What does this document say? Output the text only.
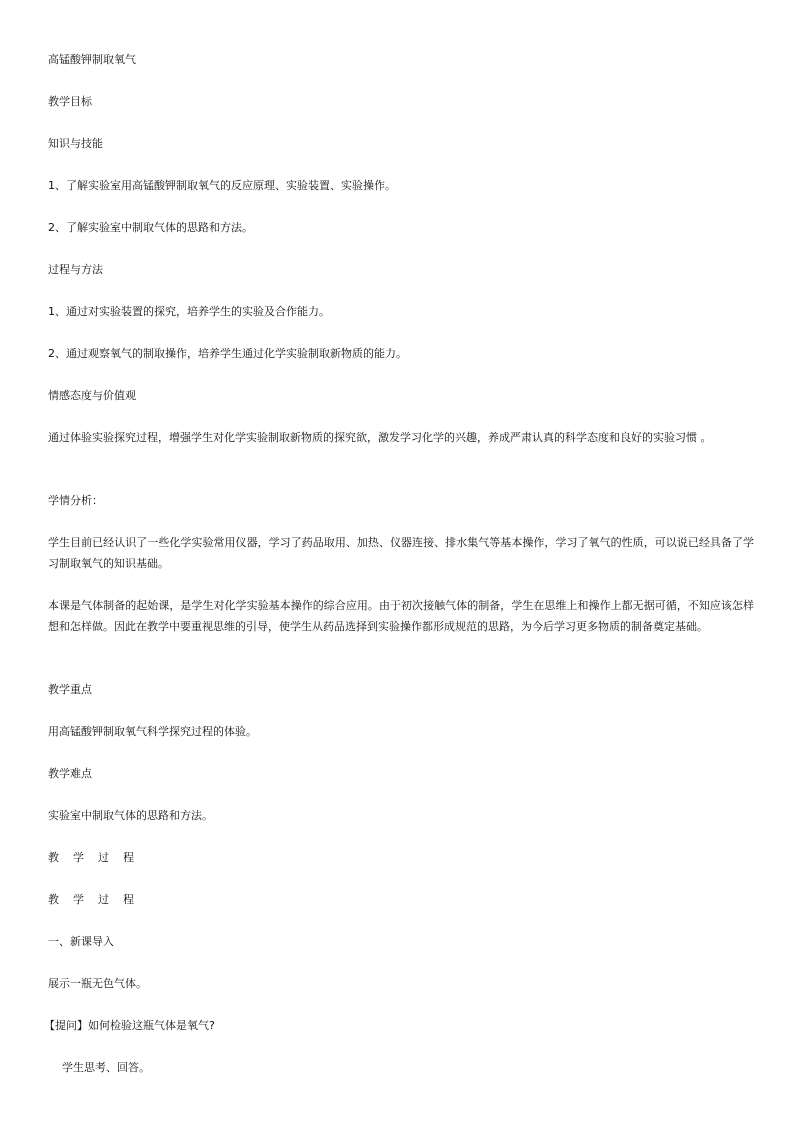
高锰酸钾制取氧气
教学目标
知识与技能
1、了解实验室用高锰酸钾制取氧气的反应原理、实验装置、实验操作。
2、了解实验室中制取气体的思路和方法。
过程与方法
1、通过对实验装置的探究，培养学生的实验及合作能力。
2、通过观察氧气的制取操作，培养学生通过化学实验制取新物质的能力。
情感态度与价值观
通过体验实验探究过程，增强学生对化学实验制取新物质的探究欲，激发学习化学的兴趣，养成严肃认真的科学态度和良好的实验习惯 。
学情分析：
学生目前已经认识了一些化学实验常用仪器，学习了药品取用、加热、仪器连接、排水集气等基本操作，学习了氧气的性质，可以说已经具备了学习制取氧气的知识基础。
本课是气体制备的起始课，是学生对化学实验基本操作的综合应用。由于初次接触气体的制备，学生在思维上和操作上都无据可循，不知应该怎样想和怎样做。因此在教学中要重视思维的引导，使学生从药品选择到实验操作都形成规范的思路，为今后学习更多物质的制备奠定基础。
教学重点
用高锰酸钾制取氧气科学探究过程的体验。
教学难点
实验室中制取气体的思路和方法。
教学过程
教学过程
一、新课导入
展示一瓶无色气体。
【提问】如何检验这瓶气体是氧气?
学生思考、回答。
